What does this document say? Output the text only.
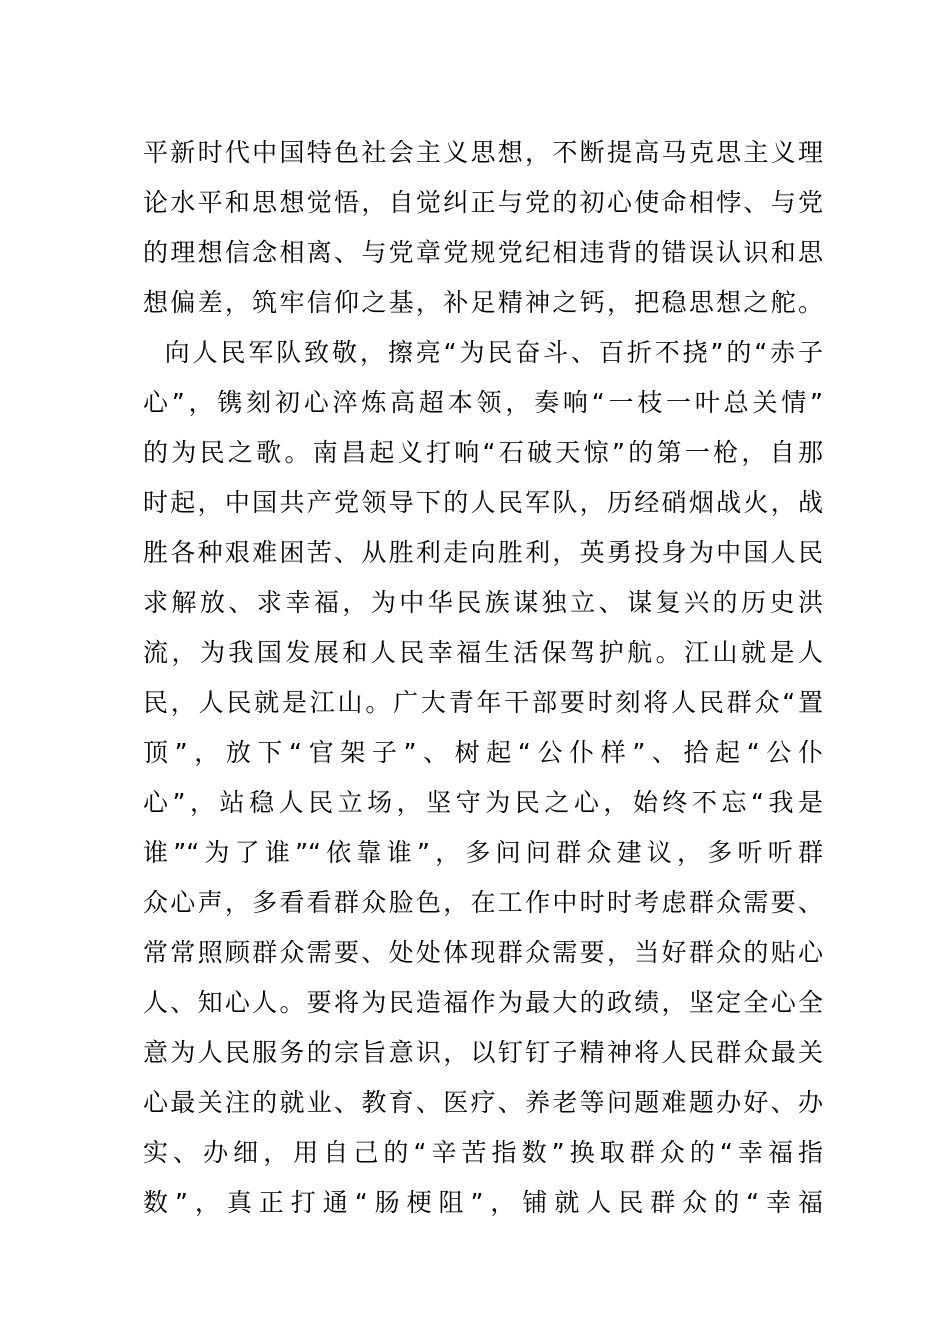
平新时代中国特色社会主义思想，不断提高马克思主义理
论水平和思想觉悟，自觉纠正与党的初心使命相悖、与党
的理想信念相离、与党章党规党纪相违背的错误认识和思
想偏差，筑牢信仰之基，补足精神之钙，把稳思想之舵。
向人民军队致敬，擦亮“为民奋斗、百折不挠”的“赤子
心”，镌刻初心淬炼高超本领，奏响“一枝一叶总关情”
的为民之歌。南昌起义打响“石破天惊”的第一枪，自那
时起，中国共产党领导下的人民军队，历经硝烟战火，战
胜各种艰难困苦、从胜利走向胜利，英勇投身为中国人民
求解放、求幸福，为中华民族谋独立、谋复兴的历史洪
流，为我国发展和人民幸福生活保驾护航。江山就是人
民，人民就是江山。广大青年干部要时刻将人民群众“置
顶”，放下“官架子”、树起“公仆样”、拾起“公仆
心”，站稳人民立场，坚守为民之心，始终不忘“我是
谁”“为了谁”“依靠谁”，多问问群众建议，多听听群
众心声，多看看群众脸色，在工作中时时考虑群众需要、
常常照顾群众需要、处处体现群众需要，当好群众的贴心
人、知心人。要将为民造福作为最大的政绩，坚定全心全
意为人民服务的宗旨意识，以钉钉子精神将人民群众最关
心最关注的就业、教育、医疗、养老等问题难题办好、办
实、办细，用自己的“辛苦指数”换取群众的“幸福指
数”，真正打通“肠梗阻”，铺就人民群众的“幸福
